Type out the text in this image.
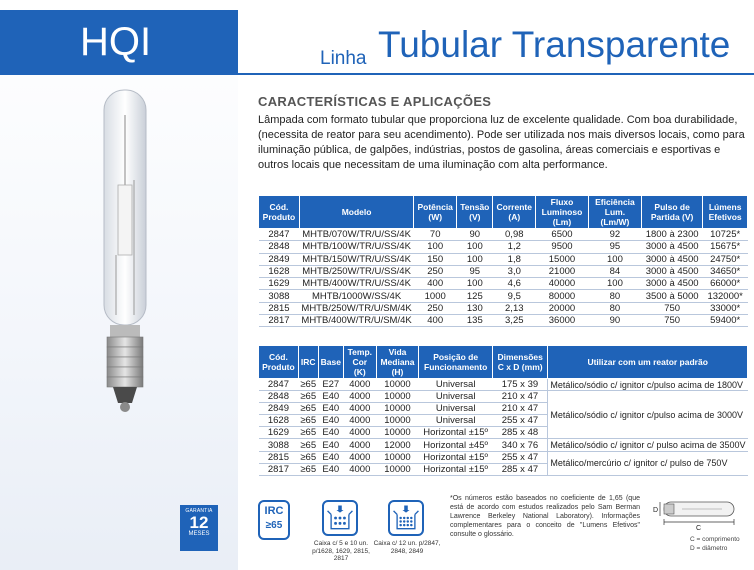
HQI
GARANTIA
12
MESES
Linha Tubular Transparente
CARACTERÍSTICAS E APLICAÇÕES
Lâmpada com formato tubular que proporciona luz de excelente qualidade. Com boa durabilidade, (necessita de reator para seu acendimento). Pode ser utilizada nos mais diversos locais, como para iluminação pública, de galpões, indústrias, postos de gasolina, áreas comerciais e esportivas e outros locais que necessitam de uma iluminação com alta performance.
Cód. Produto	Modelo	Potência (W)	Tensão (V)	Corrente (A)	Fluxo Luminoso (Lm)	Eficiência Lum. (Lm/W)	Pulso de Partida (V)	Lúmens Efetivos
2847	MHTB/070W/TR/U/SS/4K	70	90	0,98	6500	92	1800 à 2300	10725*
2848	MHTB/100W/TR/U/SS/4K	100	100	1,2	9500	95	3000 à 4500	15675*
2849	MHTB/150W/TR/U/SS/4K	150	100	1,8	15000	100	3000 à 4500	24750*
1628	MHTB/250W/TR/U/SS/4K	250	95	3,0	21000	84	3000 à 4500	34650*
1629	MHTB/400W/TR/U/SS/4K	400	100	4,6	40000	100	3000 à 4500	66000*
3088	MHTB/1000W/SS/4K	1000	125	9,5	80000	80	3500 à 5000	132000*
2815	MHTB/250W/TR/U/SM/4K	250	130	2,13	20000	80	750	33000*
2817	MHTB/400W/TR/U/SM/4K	400	135	3,25	36000	90	750	59400*
Cód. Produto	IRC	Base	Temp. Cor (K)	Vida Mediana (H)	Posição de Funcionamento	Dimensões C x D (mm)	Utilizar com um reator padrão
2847	≥65	E27	4000	10000	Universal	175 x 39	Metálico/sódio c/ ignitor c/pulso acima de 1800V
2848	≥65	E40	4000	10000	Universal	210 x 47	Metálico/sódio c/ ignitor c/pulso acima de 3000V
2849	≥65	E40	4000	10000	Universal	210 x 47	
1628	≥65	E40	4000	10000	Universal	255 x 47	
1629	≥65	E40	4000	10000	Horizontal ±15º	285 x 48	
3088	≥65	E40	4000	12000	Horizontal ±45º	340 x 76	Metálico/sódio c/ ignitor c/ pulso acima de 3500V
2815	≥65	E40	4000	10000	Horizontal ±15º	255 x 47	Metálico/mercúrio c/ ignitor c/ pulso de 750V
2817	≥65	E40	4000	10000	Horizontal ±15º	285 x 47	
IRC
≥65
Caixa c/ 5 e 10 un. p/1628, 1629, 2815, 2817
Caixa c/ 12 un. p/2847, 2848, 2849
*Os números estão baseados no coeficiente de 1,65 (que está de acordo com estudos realizados pelo Sam Berman Lawrence Berkeley National Laboratory). Informações complementares para o conceito de "Lumens Efetivos" consulte o glossário.
D
C
C = comprimento
D = diâmetro
